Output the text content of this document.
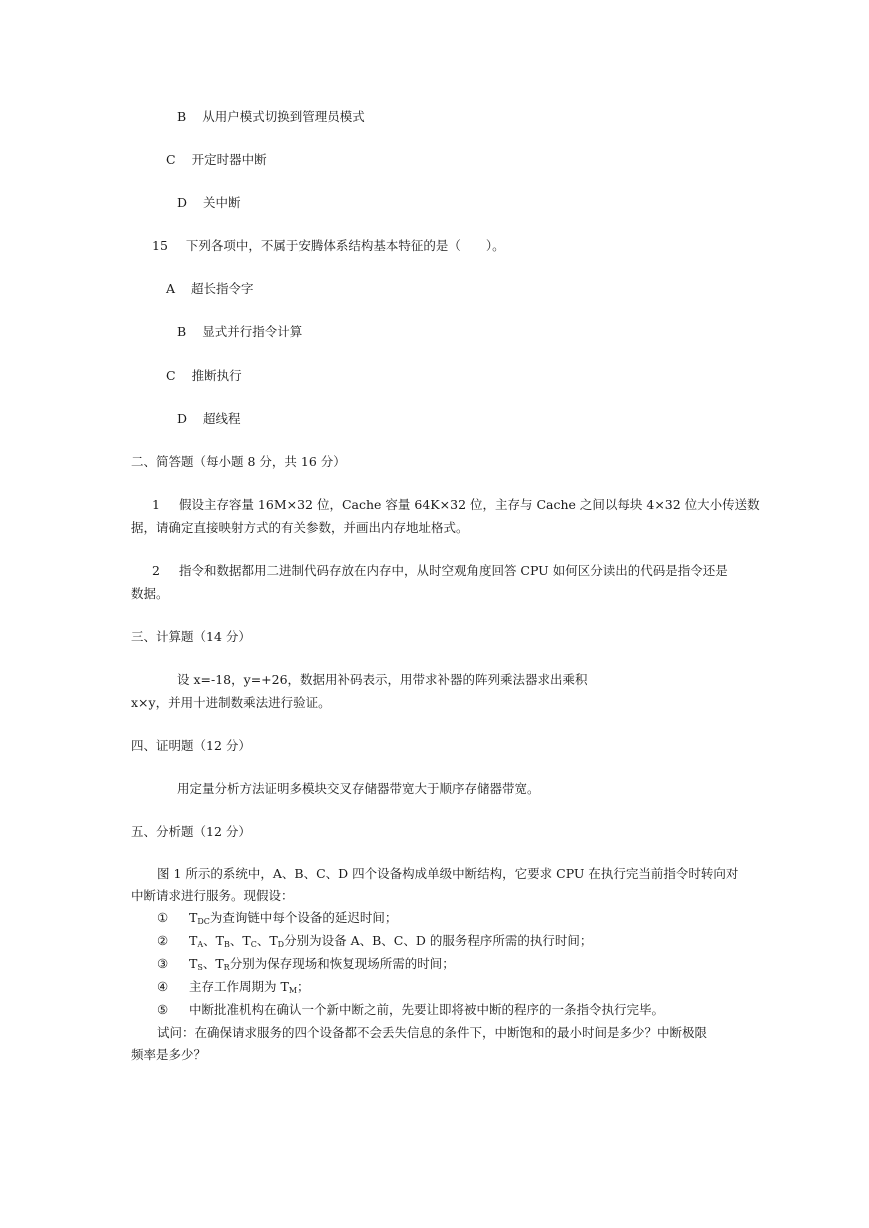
B 从用户模式切换到管理员模式
C 开定时器中断
D 关中断
15 下列各项中，不属于安腾体系结构基本特征的是（　　）。
A 超长指令字
B 显式并行指令计算
C 推断执行
D 超线程
二、简答题（每小题 8 分，共 16 分）
1 假设主存容量 16M×32 位，Cache 容量 64K×32 位，主存与 Cache 之间以每块 4×32 位大小传送数
据，请确定直接映射方式的有关参数，并画出内存地址格式。
2 指令和数据都用二进制代码存放在内存中，从时空观角度回答 CPU 如何区分读出的代码是指令还是
数据。
三、计算题（14 分）
设 x=-18，y=+26，数据用补码表示，用带求补器的阵列乘法器求出乘积
x×y，并用十进制数乘法进行验证。
四、证明题（12 分）
用定量分析方法证明多模块交叉存储器带宽大于顺序存储器带宽。
五、分析题（12 分）
图 1 所示的系统中，A、B、C、D 四个设备构成单级中断结构，它要求 CPU 在执行完当前指令时转向对
中断请求进行服务。现假设：
① $T_{DC}$为查询链中每个设备的延迟时间；
② $T_A$、$T_B$、$T_C$、$T_D$分别为设备 A、B、C、D 的服务程序所需的执行时间；
③ $T_S$、$T_R$分别为保存现场和恢复现场所需的时间；
④ 主存工作周期为 $T_M$；
⑤ 中断批准机构在确认一个新中断之前，先要让即将被中断的程序的一条指令执行完毕。
试问：在确保请求服务的四个设备都不会丢失信息的条件下，中断饱和的最小时间是多少？中断极限
频率是多少？
